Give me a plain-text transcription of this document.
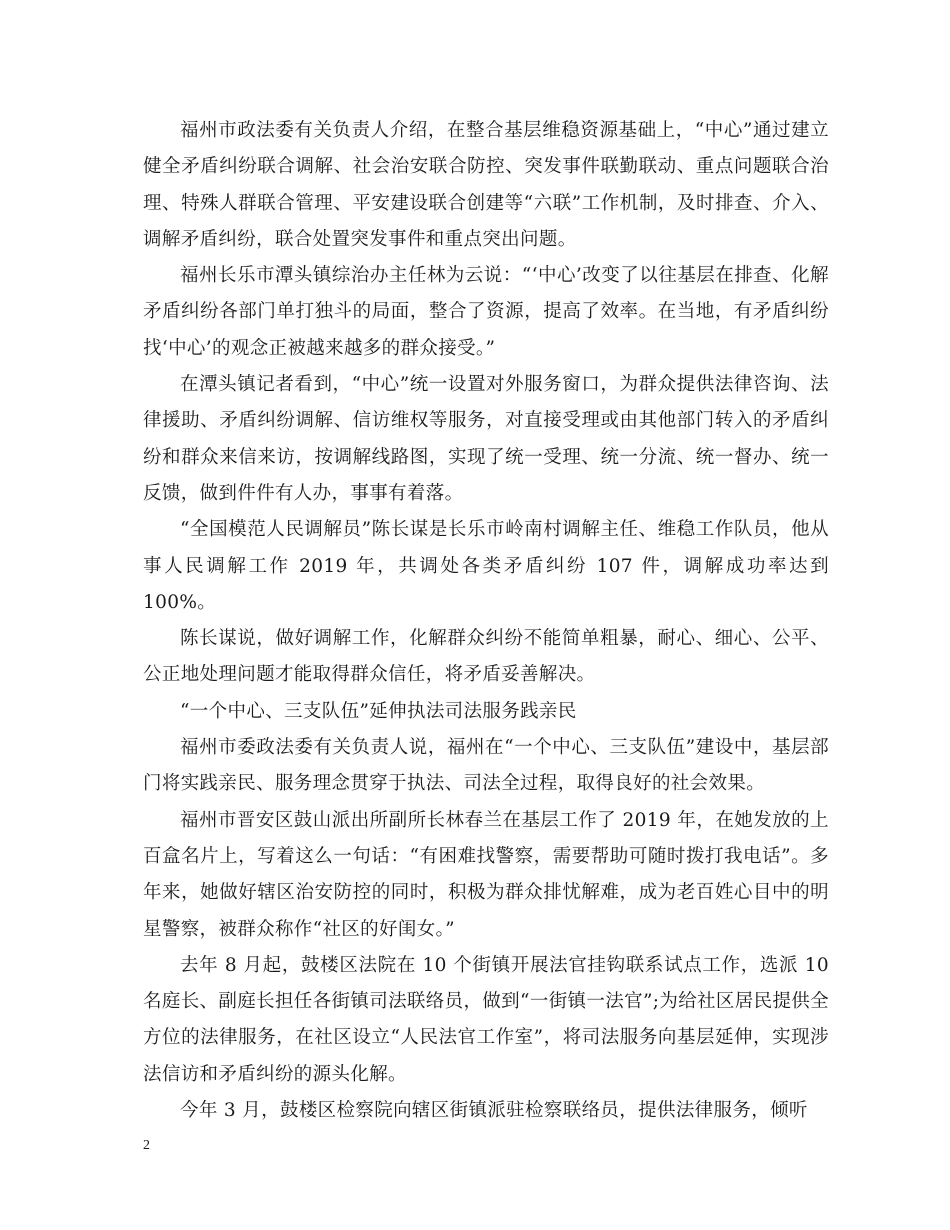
福州市政法委有关负责人介绍，在整合基层维稳资源基础上，“中心”通过建立健全矛盾纠纷联合调解、社会治安联合防控、突发事件联勤联动、重点问题联合治理、特殊人群联合管理、平安建设联合创建等“六联”工作机制，及时排查、介入、调解矛盾纠纷，联合处置突发事件和重点突出问题。

福州长乐市潭头镇综治办主任林为云说：“‘中心’改变了以往基层在排查、化解矛盾纠纷各部门单打独斗的局面，整合了资源，提高了效率。在当地，有矛盾纠纷找‘中心’的观念正被越来越多的群众接受。”

在潭头镇记者看到，“中心”统一设置对外服务窗口，为群众提供法律咨询、法律援助、矛盾纠纷调解、信访维权等服务，对直接受理或由其他部门转入的矛盾纠纷和群众来信来访，按调解线路图，实现了统一受理、统一分流、统一督办、统一反馈，做到件件有人办，事事有着落。

“全国模范人民调解员”陈长谋是长乐市岭南村调解主任、维稳工作队员，他从事人民调解工作 2019 年，共调处各类矛盾纠纷 107 件，调解成功率达到 100%。

陈长谋说，做好调解工作，化解群众纠纷不能简单粗暴，耐心、细心、公平、公正地处理问题才能取得群众信任，将矛盾妥善解决。

“一个中心、三支队伍”延伸执法司法服务践亲民

福州市委政法委有关负责人说，福州在“一个中心、三支队伍”建设中，基层部门将实践亲民、服务理念贯穿于执法、司法全过程，取得良好的社会效果。

福州市晋安区鼓山派出所副所长林春兰在基层工作了 2019 年，在她发放的上百盒名片上，写着这么一句话：“有困难找警察，需要帮助可随时拨打我电话”。多年来，她做好辖区治安防控的同时，积极为群众排忧解难，成为老百姓心目中的明星警察，被群众称作“社区的好闺女。”

去年 8 月起，鼓楼区法院在 10 个街镇开展法官挂钩联系试点工作，选派 10 名庭长、副庭长担任各街镇司法联络员，做到“一街镇一法官”;为给社区居民提供全方位的法律服务，在社区设立“人民法官工作室”，将司法服务向基层延伸，实现涉法信访和矛盾纠纷的源头化解。

今年 3 月，鼓楼区检察院向辖区街镇派驻检察联络员，提供法律服务，倾听

2
